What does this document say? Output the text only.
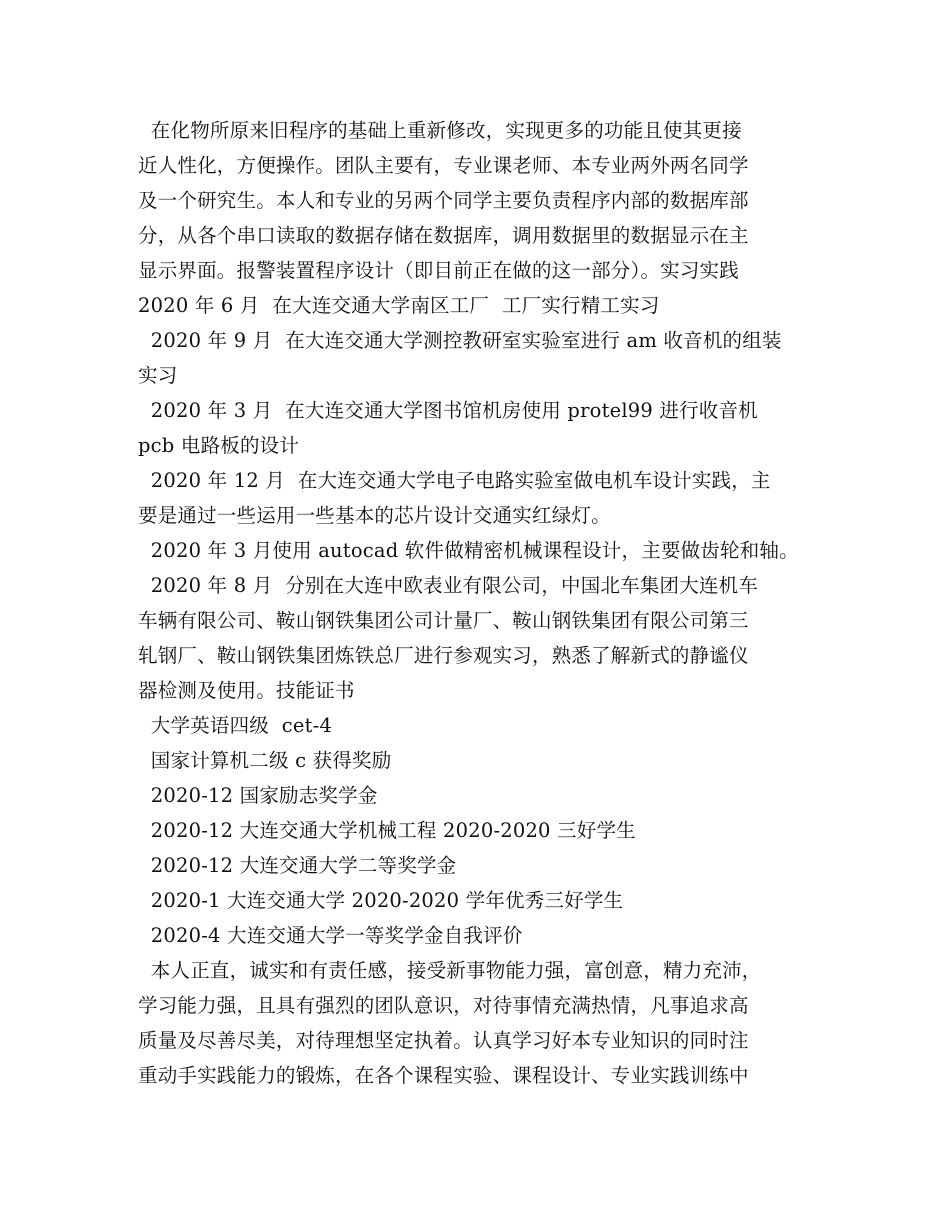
在化物所原来旧程序的基础上重新修改，实现更多的功能且使其更接
近人性化，方便操作。团队主要有，专业课老师、本专业两外两名同学
及一个研究生。本人和专业的另两个同学主要负责程序内部的数据库部
分，从各个串口读取的数据存储在数据库，调用数据里的数据显示在主
显示界面。报警装置程序设计（即目前正在做的这一部分）。实习实践
2020 年 6 月  在大连交通大学南区工厂  工厂实行精工实习
2020 年 9 月  在大连交通大学测控教研室实验室进行 am 收音机的组装
实习
2020 年 3 月  在大连交通大学图书馆机房使用 protel99 进行收音机
pcb 电路板的设计
2020 年 12 月  在大连交通大学电子电路实验室做电机车设计实践，主
要是通过一些运用一些基本的芯片设计交通实红绿灯。
2020 年 3 月使用 autocad 软件做精密机械课程设计，主要做齿轮和轴。
2020 年 8 月  分别在大连中欧表业有限公司，中国北车集团大连机车
车辆有限公司、鞍山钢铁集团公司计量厂、鞍山钢铁集团有限公司第三
轧钢厂、鞍山钢铁集团炼铁总厂进行参观实习，熟悉了解新式的静谧仪
器检测及使用。技能证书
大学英语四级  cet-4
国家计算机二级 c 获得奖励
2020-12 国家励志奖学金
2020-12 大连交通大学机械工程 2020-2020 三好学生
2020-12 大连交通大学二等奖学金
2020-1 大连交通大学 2020-2020 学年优秀三好学生
2020-4 大连交通大学一等奖学金自我评价
本人正直，诚实和有责任感，接受新事物能力强，富创意，精力充沛，
学习能力强，且具有强烈的团队意识，对待事情充满热情，凡事追求高
质量及尽善尽美，对待理想坚定执着。认真学习好本专业知识的同时注
重动手实践能力的锻炼，在各个课程实验、课程设计、专业实践训练中
